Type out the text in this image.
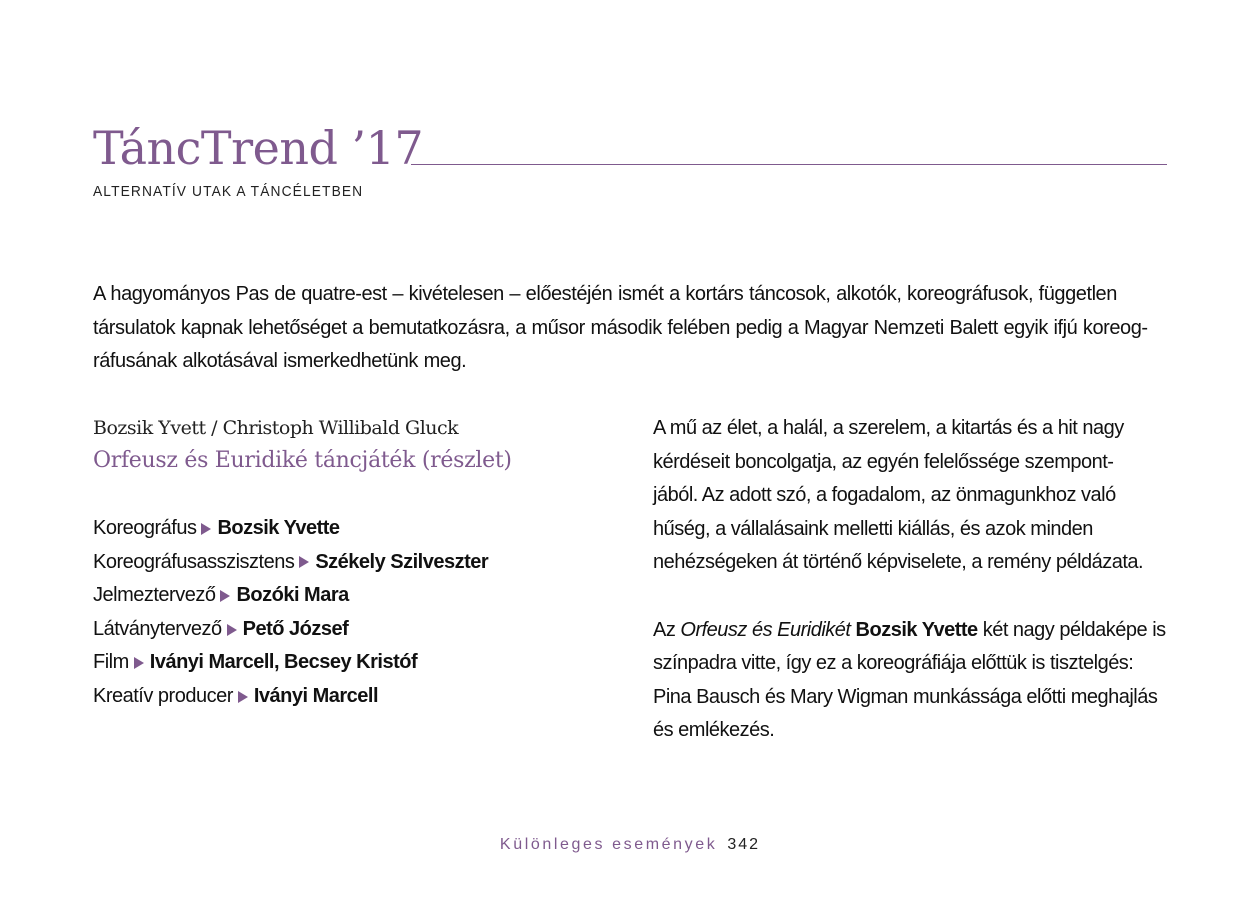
TáncTrend ’17
ALTERNATÍV UTAK A TÁNCÉLETBEN

A hagyományos Pas de quatre-est – kivételesen – előestéjén ismét a kortárs táncosok, alkotók, koreográfusok, független

társulatok kapnak lehetőséget a bemutatkozásra, a műsor második felében pedig a Magyar Nemzeti Balett egyik ifjú koreog-

ráfusának alkotásával ismerkedhetünk meg.

Bozsik Yvett / Christoph Willibald Gluck
Orfeusz és Euridiké táncjáték (részlet)
Koreográfus Bozsik Yvette
Koreográfusasszisztens Székely Szilveszter
Jelmeztervező Bozóki Mara
Látványtervező Pető József
Film Iványi Marcell, Becsey Kristóf
Kreatív producer Iványi Marcell

A mű az élet, a halál, a szerelem, a kitartás és a hit nagy

kérdéseit boncolgatja, az egyén felelőssége szempont-

jából. Az adott szó, a fogadalom, az önmagunkhoz való

hűség, a vállalásaink melletti kiállás, és azok minden

nehézségeken át történő képviselete, a remény példázata.

Az Orfeusz és Euridikét Bozsik Yvette két nagy példaképe is

színpadra vitte, így ez a koreográfiája előttük is tisztelgés:

Pina Bausch és Mary Wigman munkássága előtti meghajlás

és emlékezés.

Különleges események 342
